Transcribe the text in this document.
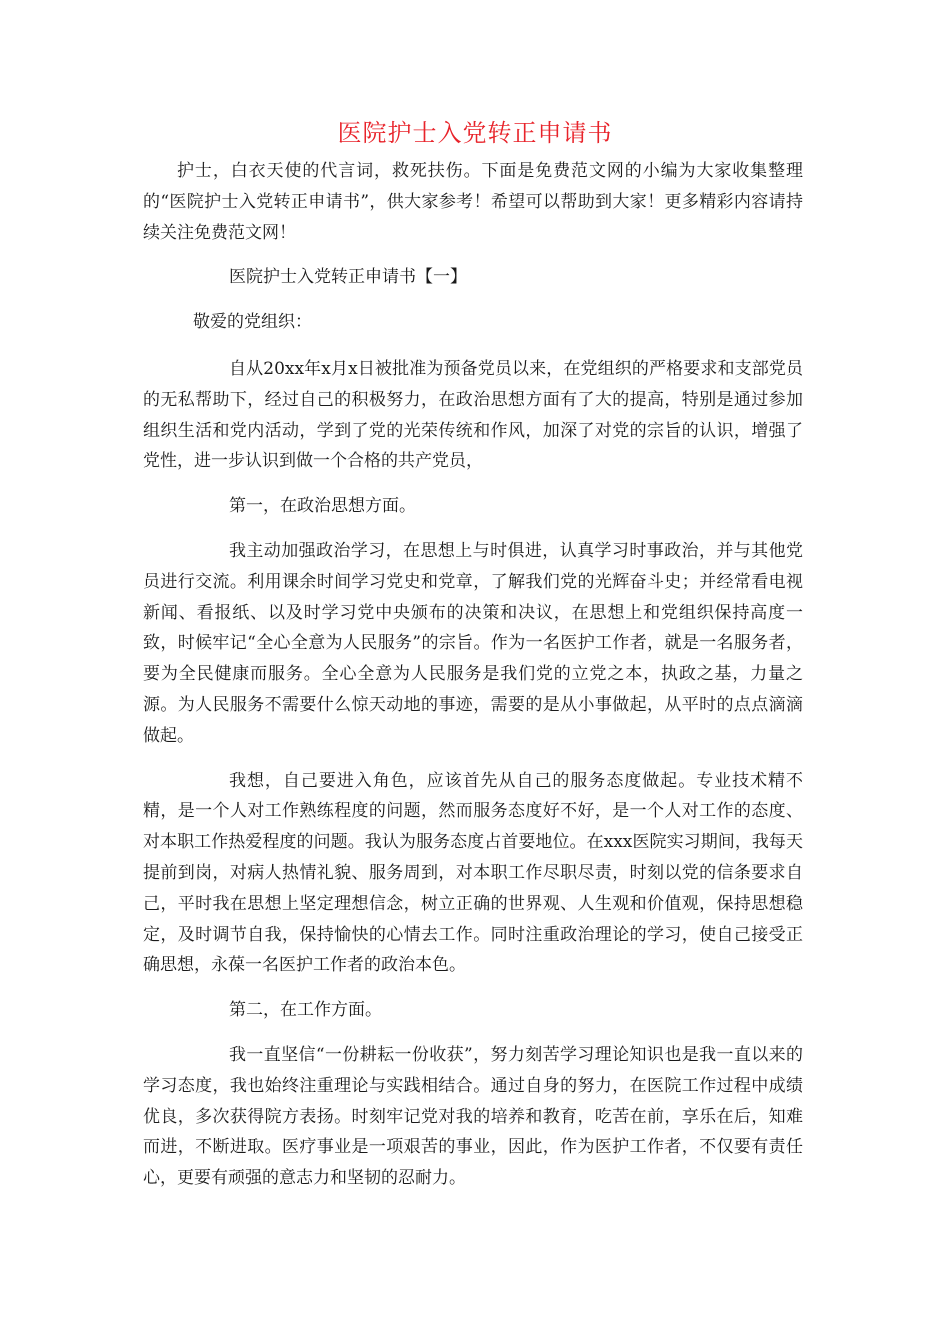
医院护士入党转正申请书

护士，白衣天使的代言词，救死扶伤。下面是免费范文网的小编为大家收集整理的“医院护士入党转正申请书”，供大家参考！希望可以帮助到大家！更多精彩内容请持续关注免费范文网！

医院护士入党转正申请书【一】

敬爱的党组织：

自从20xx年x月x日被批准为预备党员以来，在党组织的严格要求和支部党员的无私帮助下，经过自己的积极努力，在政治思想方面有了大的提高，特别是通过参加组织生活和党内活动，学到了党的光荣传统和作风，加深了对党的宗旨的认识，增强了党性，进一步认识到做一个合格的共产党员，

第一，在政治思想方面。

我主动加强政治学习，在思想上与时俱进，认真学习时事政治，并与其他党员进行交流。利用课余时间学习党史和党章，了解我们党的光辉奋斗史；并经常看电视新闻、看报纸、以及时学习党中央颁布的决策和决议，在思想上和党组织保持高度一致，时候牢记“全心全意为人民服务”的宗旨。作为一名医护工作者，就是一名服务者，要为全民健康而服务。全心全意为人民服务是我们党的立党之本，执政之基，力量之源。为人民服务不需要什么惊天动地的事迹，需要的是从小事做起，从平时的点点滴滴做起。

我想，自己要进入角色，应该首先从自己的服务态度做起。专业技术精不精，是一个人对工作熟练程度的问题，然而服务态度好不好，是一个人对工作的态度、对本职工作热爱程度的问题。我认为服务态度占首要地位。在xxx医院实习期间，我每天提前到岗，对病人热情礼貌、服务周到，对本职工作尽职尽责，时刻以党的信条要求自己，平时我在思想上坚定理想信念，树立正确的世界观、人生观和价值观，保持思想稳定，及时调节自我，保持愉快的心情去工作。同时注重政治理论的学习，使自己接受正确思想，永葆一名医护工作者的政治本色。

第二，在工作方面。

我一直坚信“一份耕耘一份收获”，努力刻苦学习理论知识也是我一直以来的学习态度，我也始终注重理论与实践相结合。通过自身的努力，在医院工作过程中成绩优良，多次获得院方表扬。时刻牢记党对我的培养和教育，吃苦在前，享乐在后，知难而进，不断进取。医疗事业是一项艰苦的事业，因此，作为医护工作者，不仅要有责任心，更要有顽强的意志力和坚韧的忍耐力。
